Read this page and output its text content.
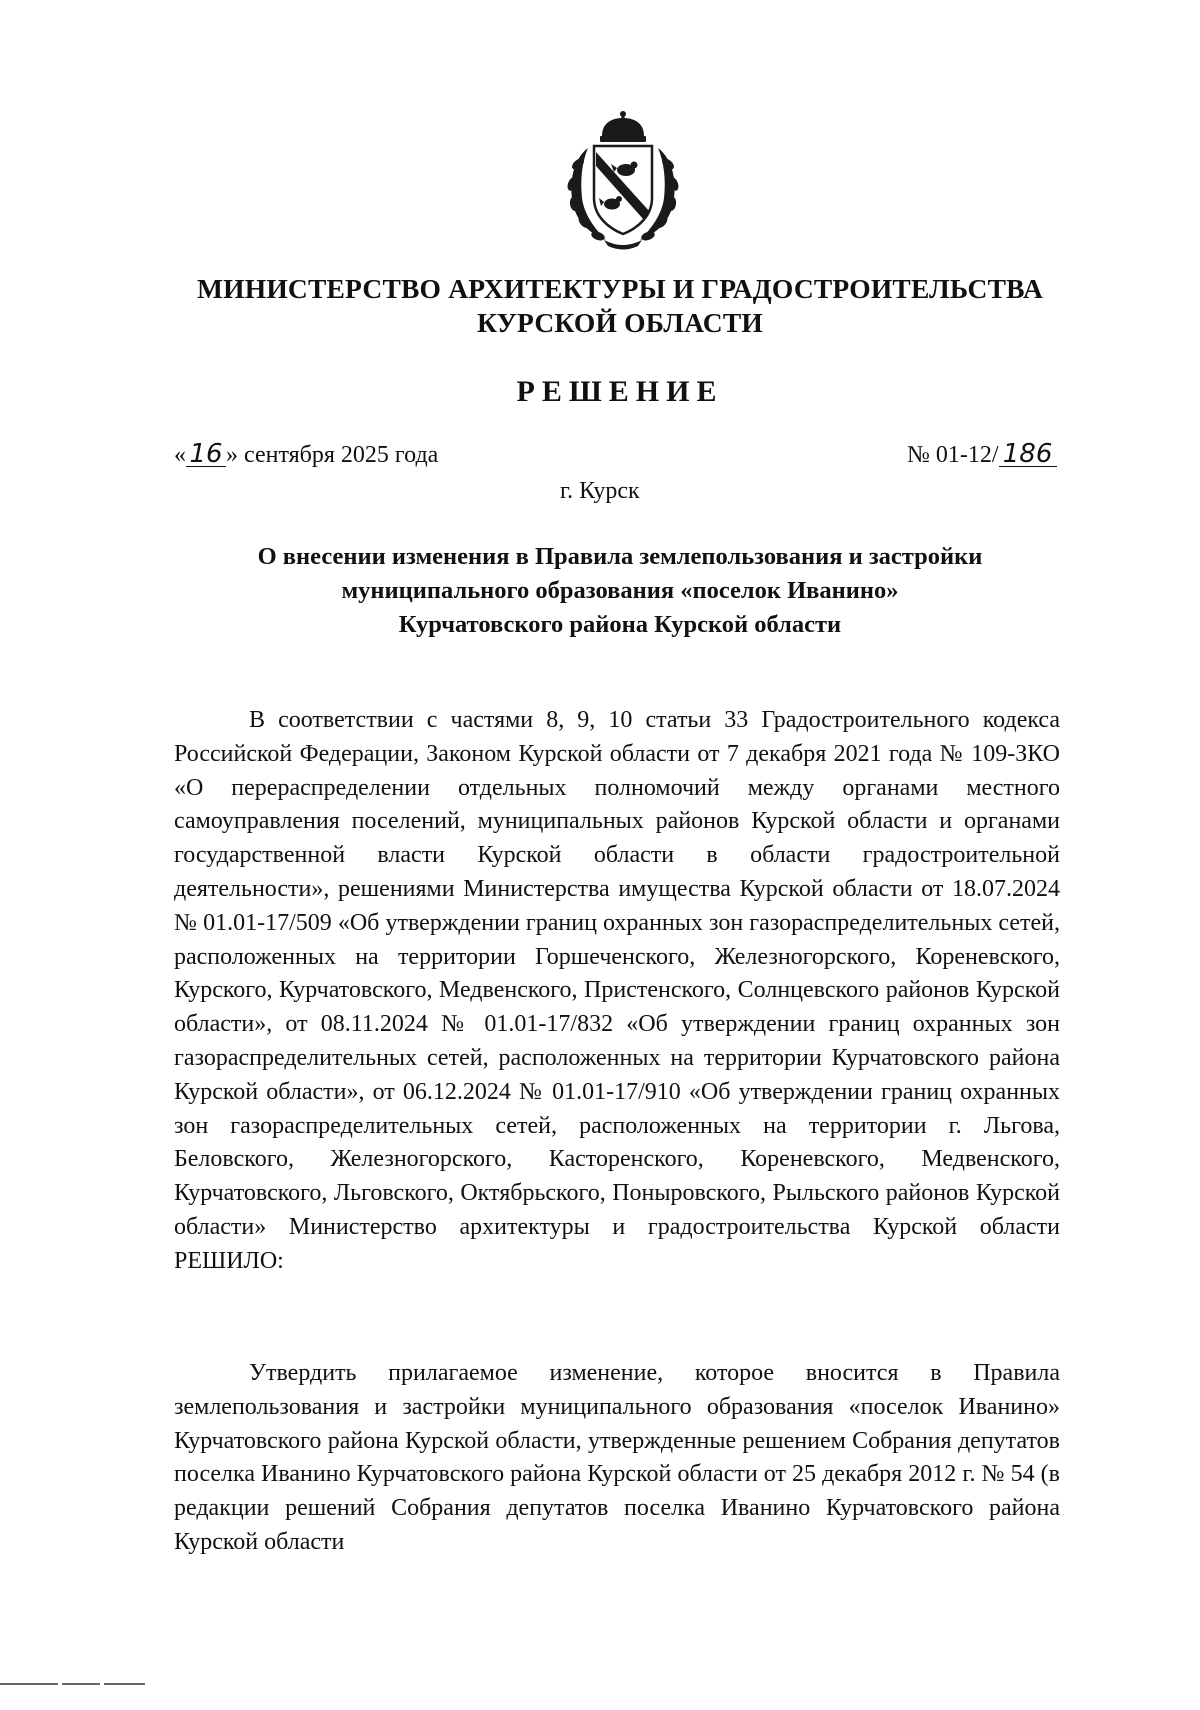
МИНИСТЕРСТВО АРХИТЕКТУРЫ И ГРАДОСТРОИТЕЛЬСТВА
КУРСКОЙ ОБЛАСТИ
РЕШЕНИЕ
« 16 » сентября 2025 года	№ 01-12/ 186
г. Курск
О внесении изменения в Правила землепользования и застройки
муниципального образования «поселок Иванино»
Курчатовского района Курской области
В соответствии с частями 8, 9, 10 статьи 33 Градостроительного кодекса Российской Федерации, Законом Курской области от 7 декабря 2021 года № 109-ЗКО «О перераспределении отдельных полномочий между органами местного самоуправления поселений, муниципальных районов Курской области и органами государственной власти Курской области в области градостроительной деятельности», решениями Министерства имущества Курской области от 18.07.2024 № 01.01-17/509 «Об утверждении границ охранных зон газораспределительных сетей, расположенных на территории Горшеченского, Железногорского, Кореневского, Курского, Курчатовского, Медвенского, Пристенского, Солнцевского районов Курской области», от 08.11.2024 № 01.01-17/832 «Об утверждении границ охранных зон газораспределительных сетей, расположенных на территории Курчатовского района Курской области», от 06.12.2024 № 01.01-17/910 «Об утверждении границ охранных зон газораспределительных сетей, расположенных на территории г. Льгова, Беловского, Железногорского, Касторенского, Кореневского, Медвенского, Курчатовского, Льговского, Октябрьского, Поныровского, Рыльского районов Курской области» Министерство архитектуры и градостроительства Курской области РЕШИЛО:
Утвердить прилагаемое изменение, которое вносится в Правила землепользования и застройки муниципального образования «поселок Иванино» Курчатовского района Курской области, утвержденные решением Собрания депутатов поселка Иванино Курчатовского района Курской области от 25 декабря 2012 г. № 54 (в редакции решений Собрания депутатов поселка Иванино Курчатовского района Курской области
